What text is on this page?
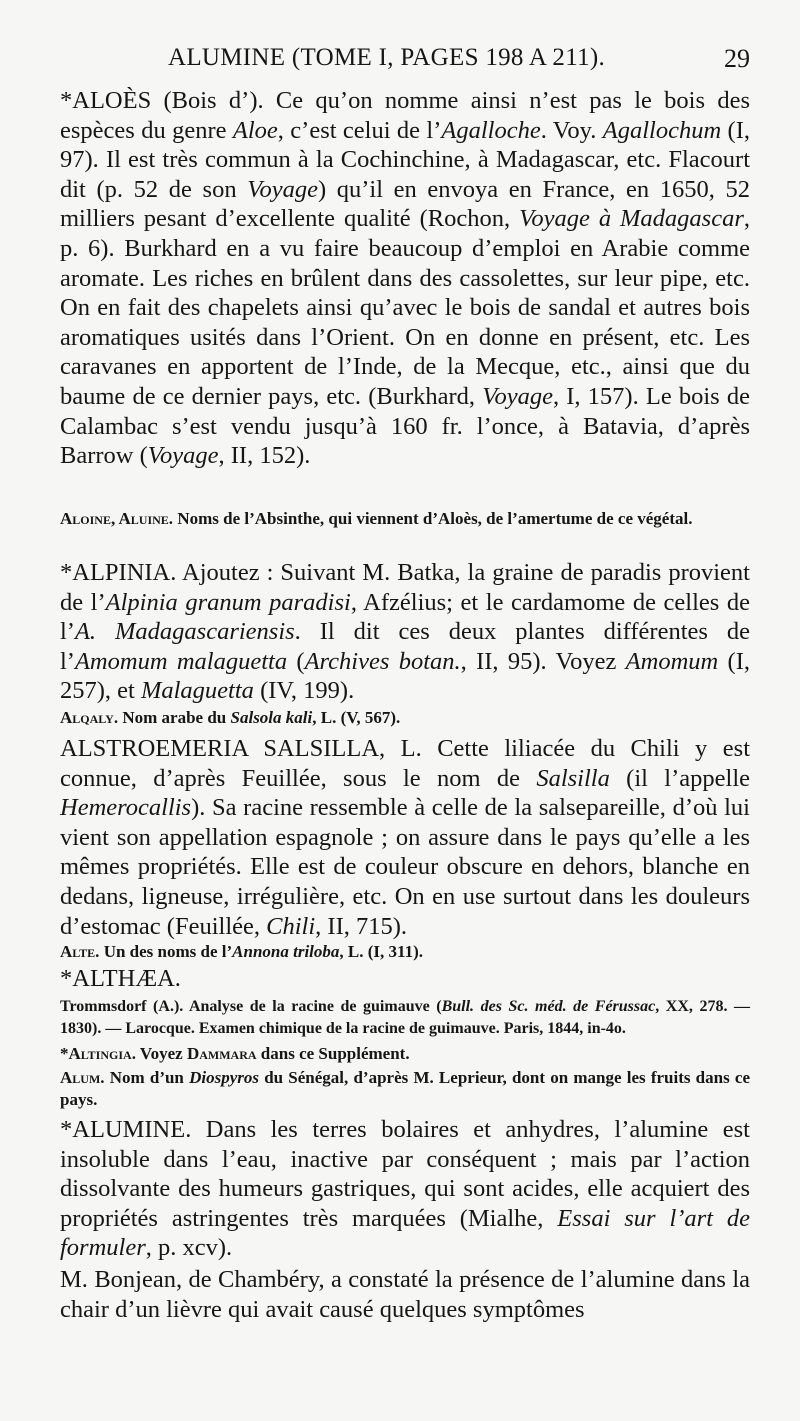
ALUMINE (TOME I, PAGES 198 A 211).	29

*ALOÈS (Bois d’). Ce qu’on nomme ainsi n’est pas le bois des espèces du genre Aloe, c’est celui de l’Agalloche. Voy. Agallochum (I, 97). Il est très commun à la Cochinchine, à Madagascar, etc. Flacourt dit (p. 52 de son Voyage) qu’il en envoya en France, en 1650, 52 milliers pesant d’excellente qualité (Rochon, Voyage à Madagascar, p. 6). Burkhard en a vu faire beaucoup d’emploi en Arabie comme aromate. Les riches en brûlent dans des cassolettes, sur leur pipe, etc. On en fait des chapelets ainsi qu’avec le bois de sandal et autres bois aromatiques usités dans l’Orient. On en donne en présent, etc. Les caravanes en apportent de l’Inde, de la Mecque, etc., ainsi que du baume de ce dernier pays, etc. (Burkhard, Voyage, I, 157). Le bois de Calambac s’est vendu jusqu’à 160 fr. l’once, à Batavia, d’après Barrow (Voyage, II, 152).

Aloine, Aluine. Noms de l’Absinthe, qui viennent d’Aloès, de l’amertume de ce végétal.

*ALPINIA. Ajoutez : Suivant M. Batka, la graine de paradis provient de l’Alpinia granum paradisi, Afzélius; et le cardamome de celles de l’A. Madagascariensis. Il dit ces deux plantes différentes de l’Amomum malaguetta (Archives botan., II, 95). Voyez Amomum (I, 257), et Malaguetta (IV, 199).

Alqaly. Nom arabe du Salsola kali, L. (V, 567).

ALSTROEMERIA SALSILLA, L. Cette liliacée du Chili y est connue, d’après Feuillée, sous le nom de Salsilla (il l’appelle Hemerocallis). Sa racine ressemble à celle de la salsepareille, d’où lui vient son appellation espagnole ; on assure dans le pays qu’elle a les mêmes propriétés. Elle est de couleur obscure en dehors, blanche en dedans, ligneuse, irrégulière, etc. On en use surtout dans les douleurs d’estomac (Feuillée, Chili, II, 715).

Alte. Un des noms de l’Annona triloba, L. (I, 311).

*ALTHÆA.

Trommsdorf (A.). Analyse de la racine de guimauve (Bull. des Sc. méd. de Férussac, XX, 278. — 1830). — Larocque. Examen chimique de la racine de guimauve. Paris, 1844, in-4o.

*Altingia. Voyez Dammara dans ce Supplément.

Alum. Nom d’un Diospyros du Sénégal, d’après M. Leprieur, dont on mange les fruits dans ce pays.

*ALUMINE. Dans les terres bolaires et anhydres, l’alumine est insoluble dans l’eau, inactive par conséquent ; mais par l’action dissolvante des humeurs gastriques, qui sont acides, elle acquiert des propriétés astringentes très marquées (Mialhe, Essai sur l’art de formuler, p. xcv).

M. Bonjean, de Chambéry, a constaté la présence de l’alumine dans la chair d’un lièvre qui avait causé quelques symptômes
